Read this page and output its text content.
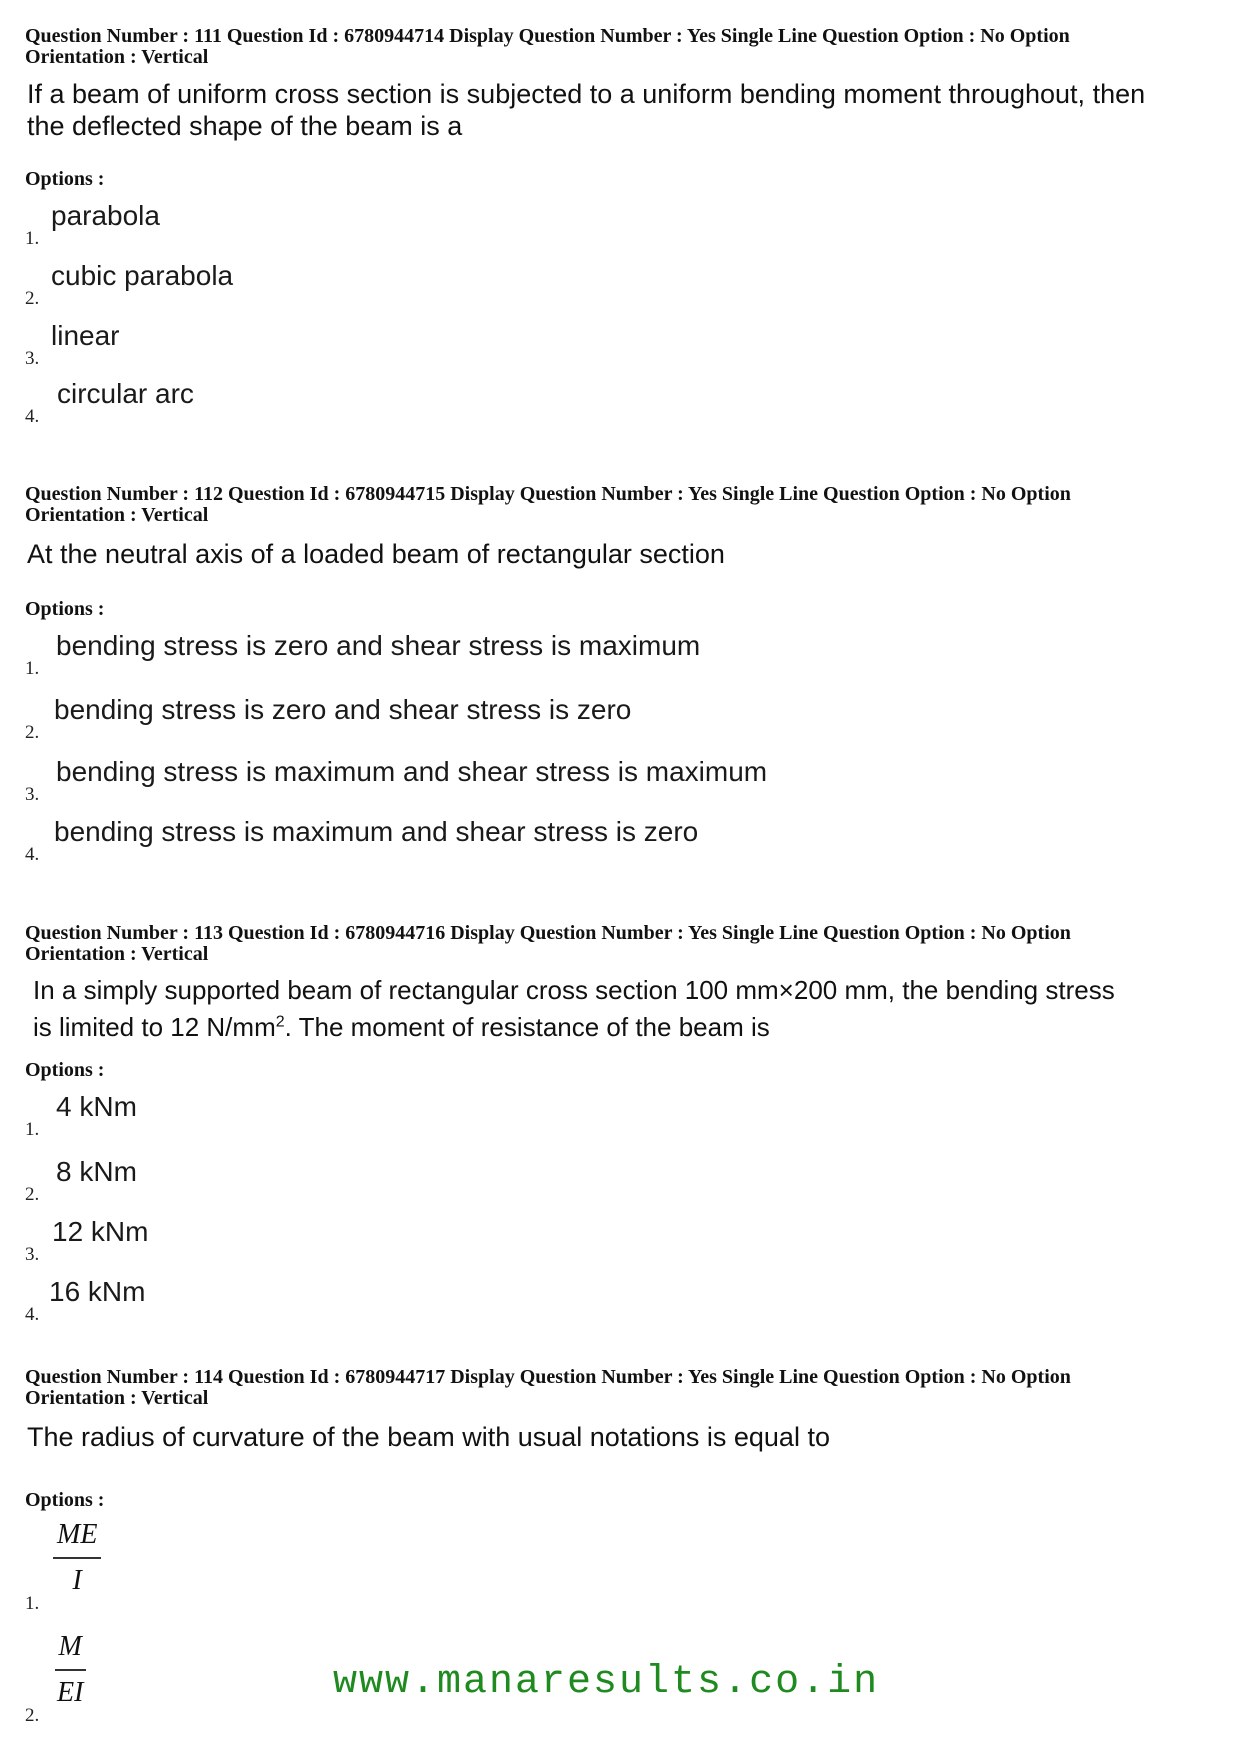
Question Number : 111 Question Id : 6780944714 Display Question Number : Yes Single Line Question Option : No Option

Orientation : Vertical

If a beam of uniform cross section is subjected to a uniform bending moment throughout, then
the deflected shape of the beam is a

Options :
1.
parabola
2.
cubic parabola
3.
linear
4.
circular arc

Question Number : 112 Question Id : 6780944715 Display Question Number : Yes Single Line Question Option : No Option

Orientation : Vertical

At the neutral axis of a loaded beam of rectangular section

Options :
1.
bending stress is zero and shear stress is maximum
2.
bending stress is zero and shear stress is zero
3.
bending stress is maximum and shear stress is maximum
4.
bending stress is maximum and shear stress is zero

Question Number : 113 Question Id : 6780944716 Display Question Number : Yes Single Line Question Option : No Option

Orientation : Vertical

In a simply supported beam of rectangular cross section 100 mm×200 mm, the bending stress
is limited to 12 $N/mm^2$. The moment of resistance of the beam is

Options :
1.
4 kNm
2.
8 kNm
3.
12 kNm
4.
16 kNm

Question Number : 114 Question Id : 6780944717 Display Question Number : Yes Single Line Question Option : No Option

Orientation : Vertical

The radius of curvature of the beam with usual notations is equal to

Options :
1.
$\frac{ME}{I}$
2.
$\frac{M}{EI}$	www.manaresults.co.in
